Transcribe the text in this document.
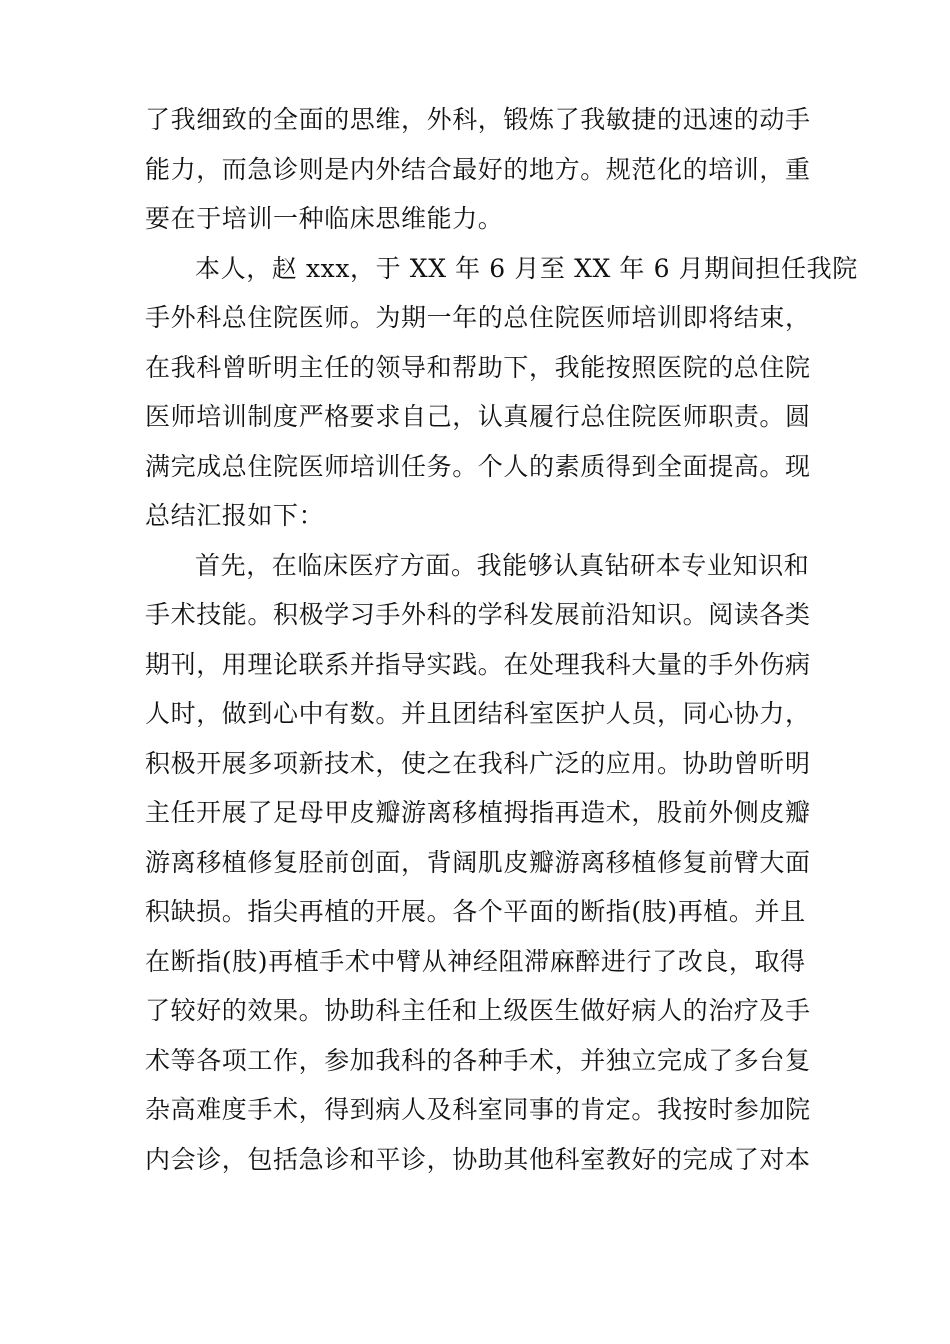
了我细致的全面的思维，外科，锻炼了我敏捷的迅速的动手
能力，而急诊则是内外结合最好的地方。规范化的培训，重
要在于培训一种临床思维能力。
本人，赵 xxx，于 XX 年 6 月至 XX 年 6 月期间担任我院
手外科总住院医师。为期一年的总住院医师培训即将结束，
在我科曾昕明主任的领导和帮助下，我能按照医院的总住院
医师培训制度严格要求自己，认真履行总住院医师职责。圆
满完成总住院医师培训任务。个人的素质得到全面提高。现
总结汇报如下：
首先，在临床医疗方面。我能够认真钻研本专业知识和
手术技能。积极学习手外科的学科发展前沿知识。阅读各类
期刊，用理论联系并指导实践。在处理我科大量的手外伤病
人时，做到心中有数。并且团结科室医护人员，同心协力，
积极开展多项新技术，使之在我科广泛的应用。协助曾昕明
主任开展了足母甲皮瓣游离移植拇指再造术，股前外侧皮瓣
游离移植修复胫前创面，背阔肌皮瓣游离移植修复前臂大面
积缺损。指尖再植的开展。各个平面的断指(肢)再植。并且
在断指(肢)再植手术中臂从神经阻滞麻醉进行了改良，取得
了较好的效果。协助科主任和上级医生做好病人的治疗及手
术等各项工作，参加我科的各种手术，并独立完成了多台复
杂高难度手术，得到病人及科室同事的肯定。我按时参加院
内会诊，包括急诊和平诊，协助其他科室教好的完成了对本
